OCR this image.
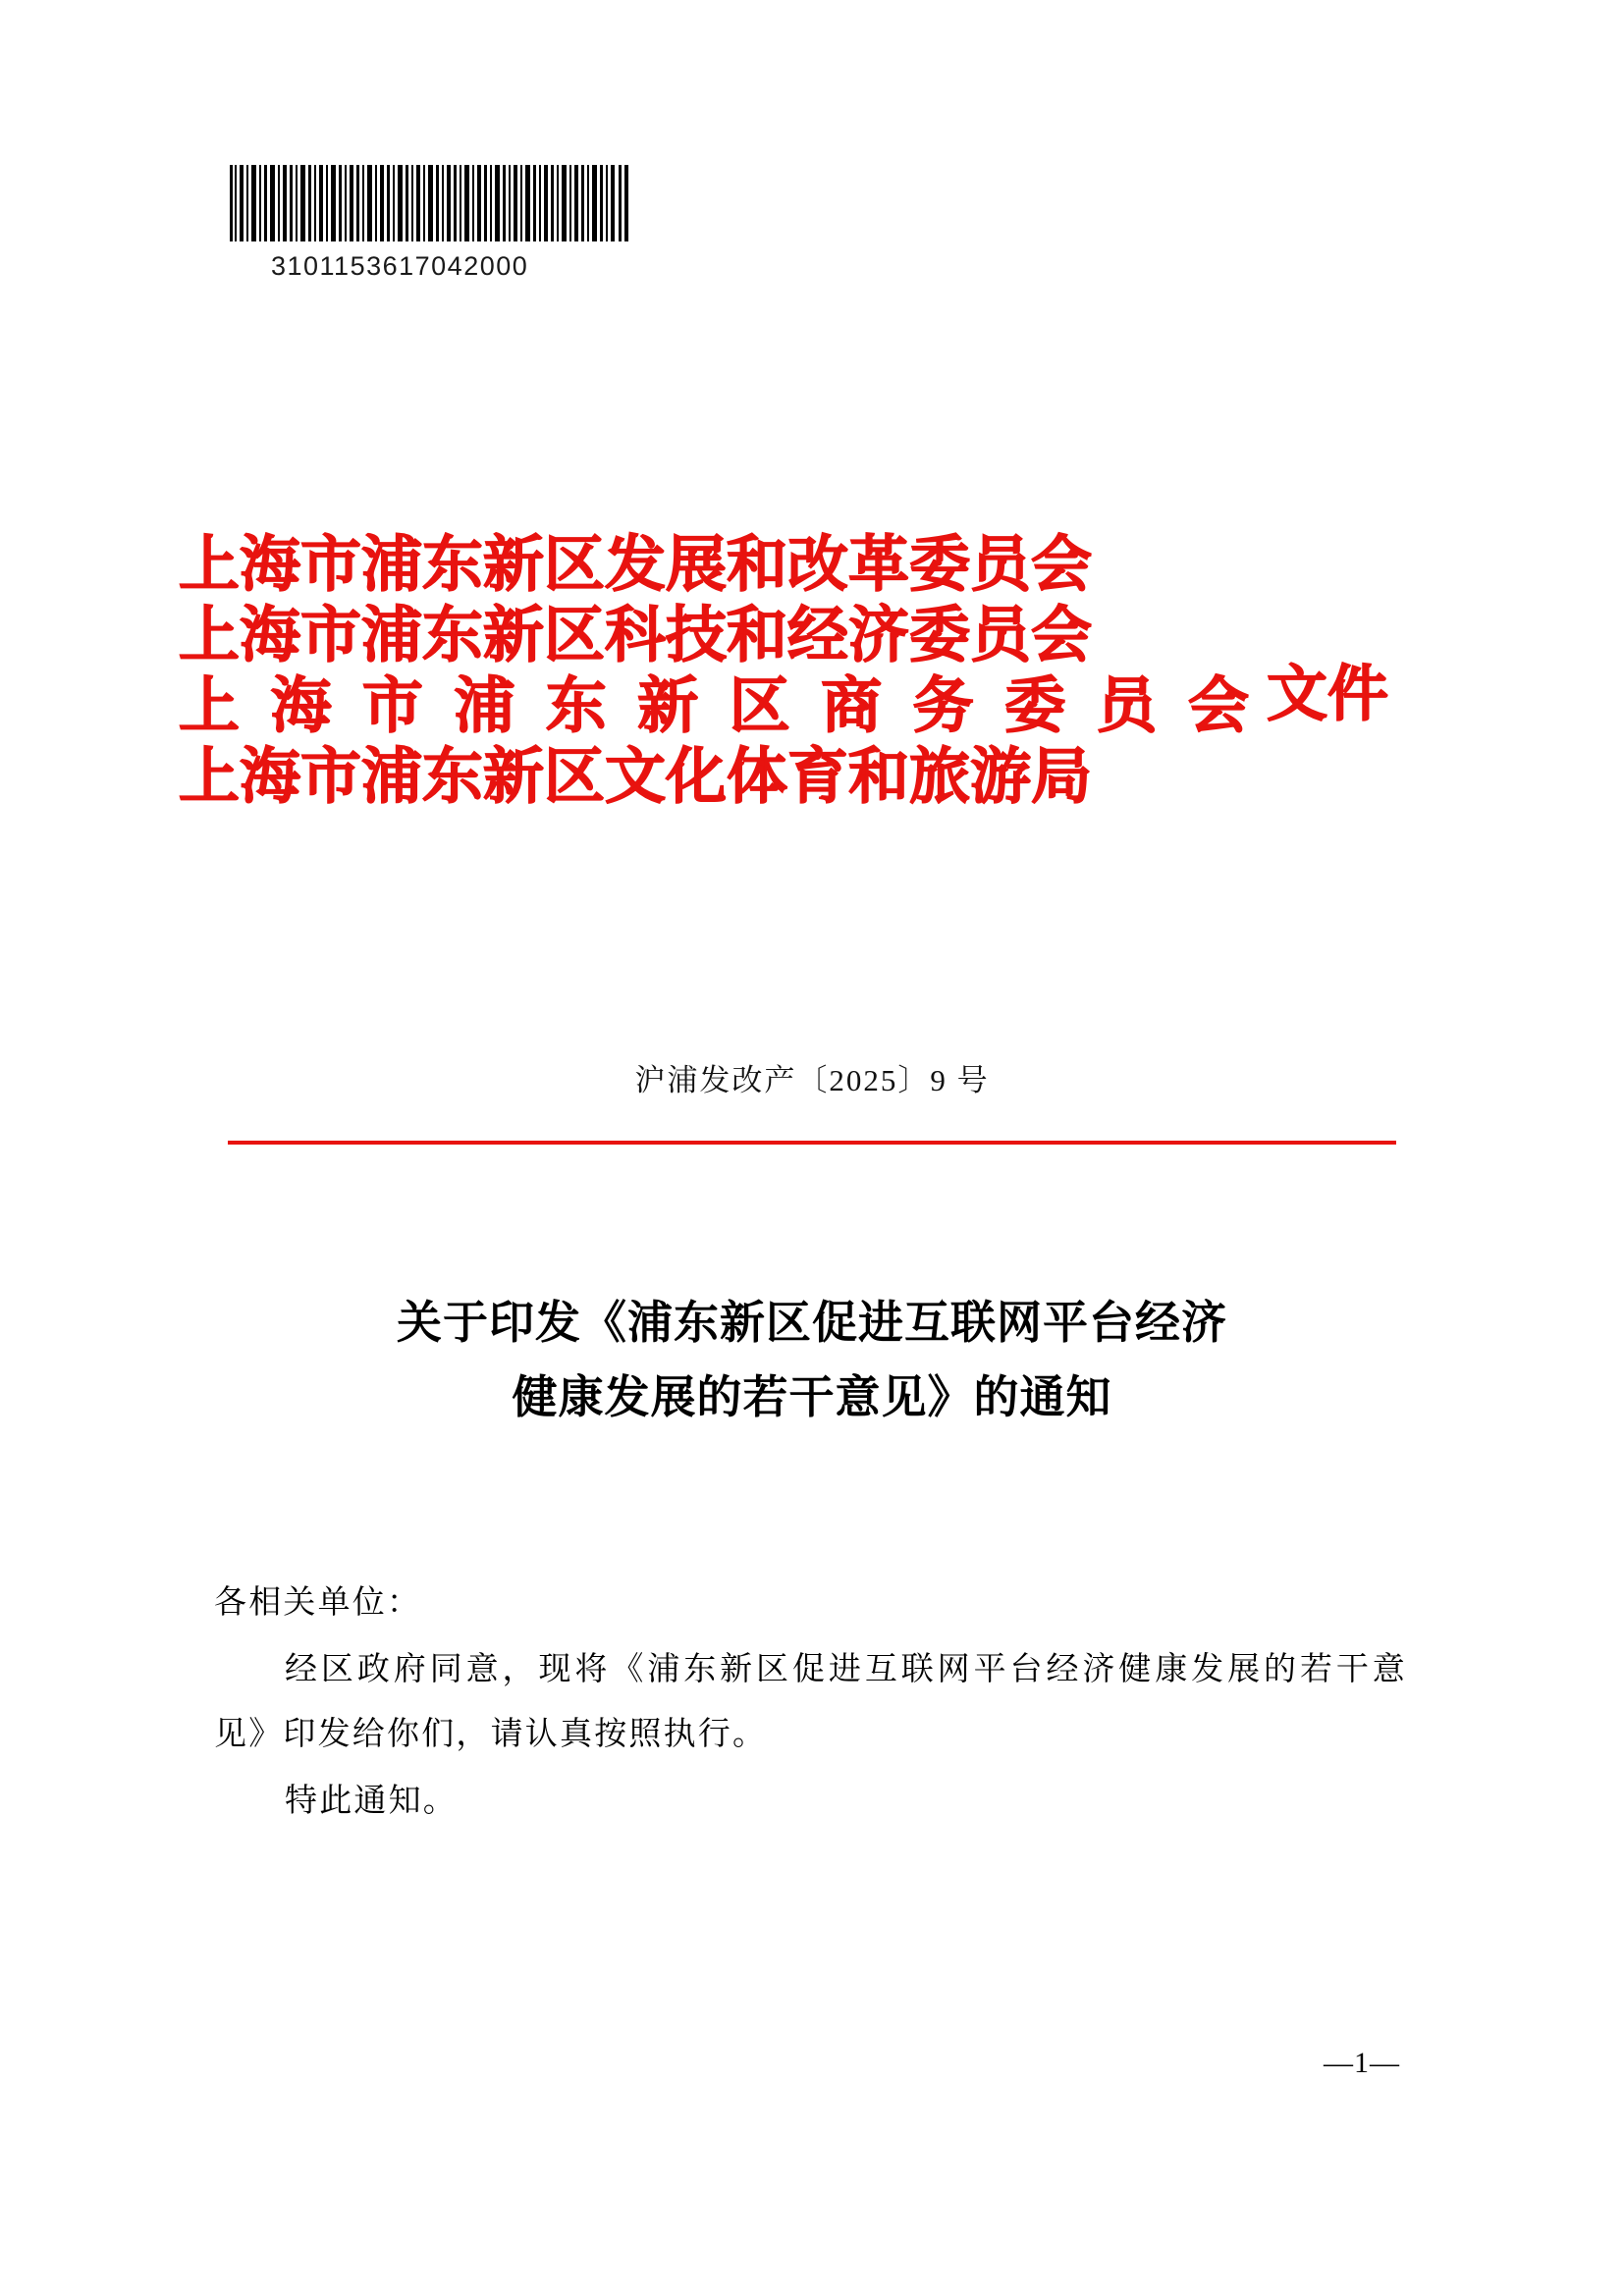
3101153617042000
上海市浦东新区发展和改革委员会
上海市浦东新区科技和经济委员会
上 海 市 浦 东 新 区 商 务 委 员 会
上海市浦东新区文化体育和旅游局
文件
沪浦发改产〔2025〕9 号
关于印发《浦东新区促进互联网平台经济
健康发展的若干意见》的通知

各相关单位：

经区政府同意，现将《浦东新区促进互联网平台经济健康发展的若干意见》印发给你们，请认真按照执行。

特此通知。

—1—
